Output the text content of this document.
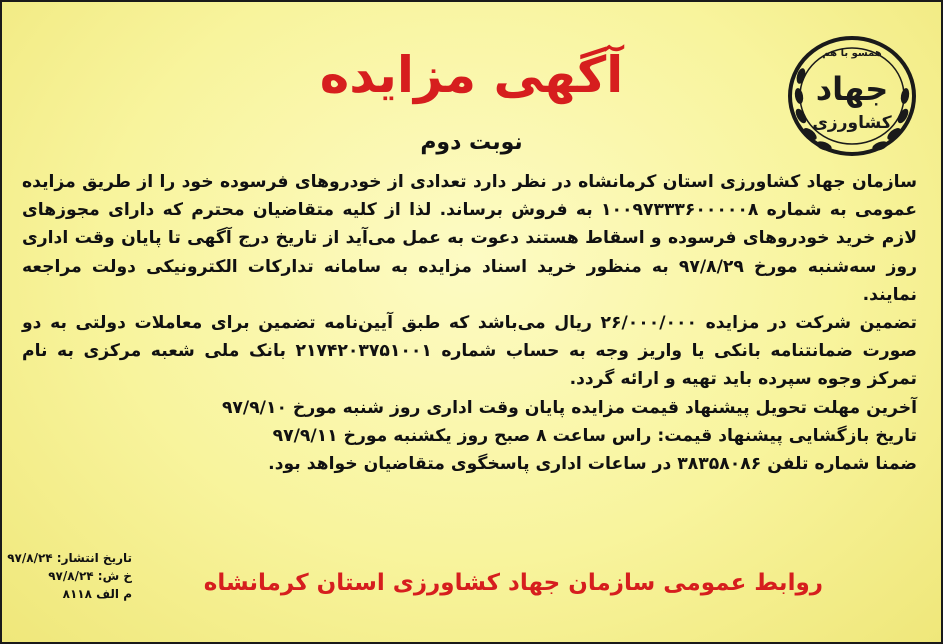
همسو با هم
جهاد
کشاورزی
آگهی مزایده
نوبت دوم

سازمان جهاد کشاورزی استان کرمانشاه در نظر دارد تعدادی از خودروهای فرسوده خود را از طریق مزایده عمومی به شماره ۱۰۰۹۷۳۳۳۶۰۰۰۰۰۸ به فروش برساند. لذا از کلیه متقاضیان محترم که دارای مجوزهای لازم خرید خودروهای فرسوده و اسقاط هستند دعوت به عمل می‌آید از تاریخ درج آگهی تا پایان وقت اداری روز سه‌شنبه مورخ ۹۷/۸/۲۹ به منظور خرید اسناد مزایده به سامانه تدارکات الکترونیکی دولت مراجعه نمایند.

تضمین شرکت در مزایده ۲۶/۰۰۰/۰۰۰ ریال می‌باشد که طبق آیین‌نامه تضمین برای معاملات دولتی به دو صورت ضمانتنامه بانکی یا واریز وجه به حساب شماره ۲۱۷۴۲۰۳۷۵۱۰۰۱ بانک ملی شعبه مرکزی به نام تمرکز وجوه سپرده باید تهیه و ارائه گردد.

آخرین مهلت تحویل پیشنهاد قیمت مزایده پایان وقت اداری روز شنبه مورخ ۹۷/۹/۱۰

تاریخ بازگشایی پیشنهاد قیمت: راس ساعت ۸ صبح روز یکشنبه مورخ ۹۷/۹/۱۱

ضمنا شماره تلفن ۳۸۳۵۸۰۸۶ در ساعات اداری پاسخگوی متقاضیان خواهد بود.

تاریخ انتشار: ۹۷/۸/۲۴
خ ش: ۹۷/۸/۲۴
م الف ۸۱۱۸	روابط عمومی سازمان جهاد کشاورزی استان کرمانشاه
